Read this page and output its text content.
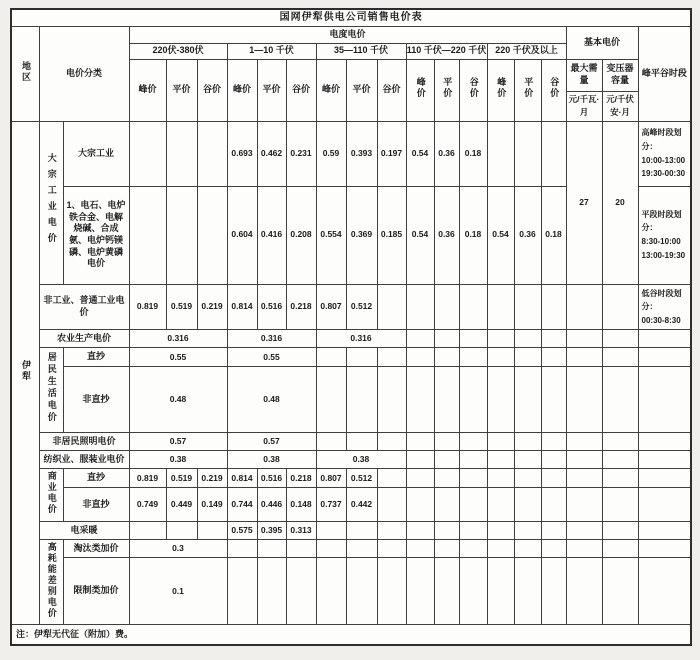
国网伊犁供电公司销售电价表																				
地区	电价分类		电度电价															基本电价		峰平谷时段
			220伏-380伏			1—10 千伏			35—110 千伏			110 千伏—220 千伏			220 千伏及以上					
			峰价	平价	谷价	峰价	平价	谷价	峰价	平价	谷价	峰价	平价	谷价	峰价	平价	谷价	最大需量	变压器容量	
																		元/千瓦·月	元/千伏安·月	
伊犁	大宗工业电价	大宗工业				0.693	0.462	0.231	0.59	0.393	0.197	0.54	0.36	0.18				27	20	高峰时段划分：
10:00-13:00
19:30-00:30

		1、电石、电炉铁合金、电解烧碱、合成氨、电炉钙镁磷、电炉黄磷电价				0.604	0.416	0.208	0.554	0.369	0.185	0.54	0.36	0.18	0.54	0.36	0.18			平段时段划分：
8:30-10:00
13:00-19:30

	非工业、普通工业电价		0.819	0.519	0.219	0.814	0.516	0.218	0.807	0.512										低谷时段划分：
00:30-8:30

	农业生产电价		0.316			0.316			0.316											
	居民生活电价	直抄	0.55			0.55														
		非直抄	0.48			0.48														
	非居民照明电价		0.57			0.57														
	纺织业、服装业电价		0.38			0.38			0.38											
	商业电价	直抄	0.819	0.519	0.219	0.814	0.516	0.218	0.807	0.512										
		非直抄	0.749	0.449	0.149	0.744	0.446	0.148	0.737	0.442										
	电采暖					0.575	0.395	0.313												
	高耗能差别电价	淘汰类加价	0.3																	
		限制类加价	0.1																	
注：伊犁无代征（附加）费。																				
